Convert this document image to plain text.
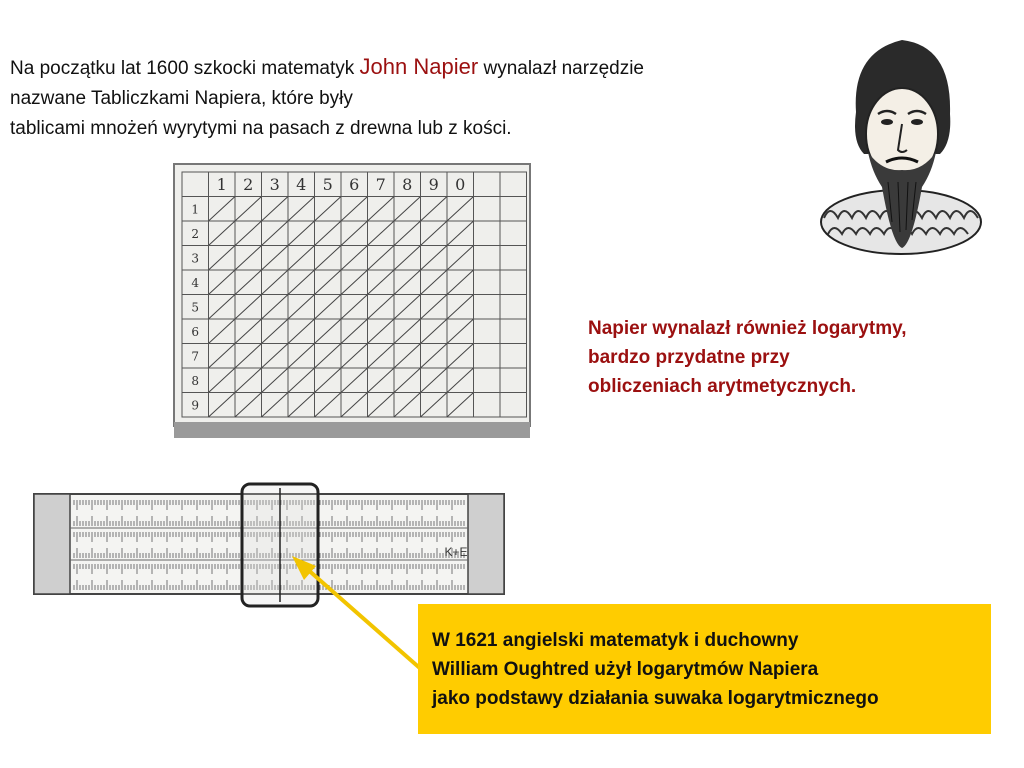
Na początku lat 1600 szkocki matematyk John Napier wynalazł narzędzie
nazwane Tabliczkami Napiera, które były
tablicami mnożeń wyrytymi na pasach z drewna lub z kości.
1 2 3 4 5 6 7 8 9 0
1
2
3
4
5
6
7
8
9
Napier wynalazł również logarytmy,
bardzo przydatne przy
obliczeniach arytmetycznych.
K+E
W 1621 angielski matematyk i duchowny
William Oughtred użył logarytmów Napiera
jako podstawy działania suwaka logarytmicznego
